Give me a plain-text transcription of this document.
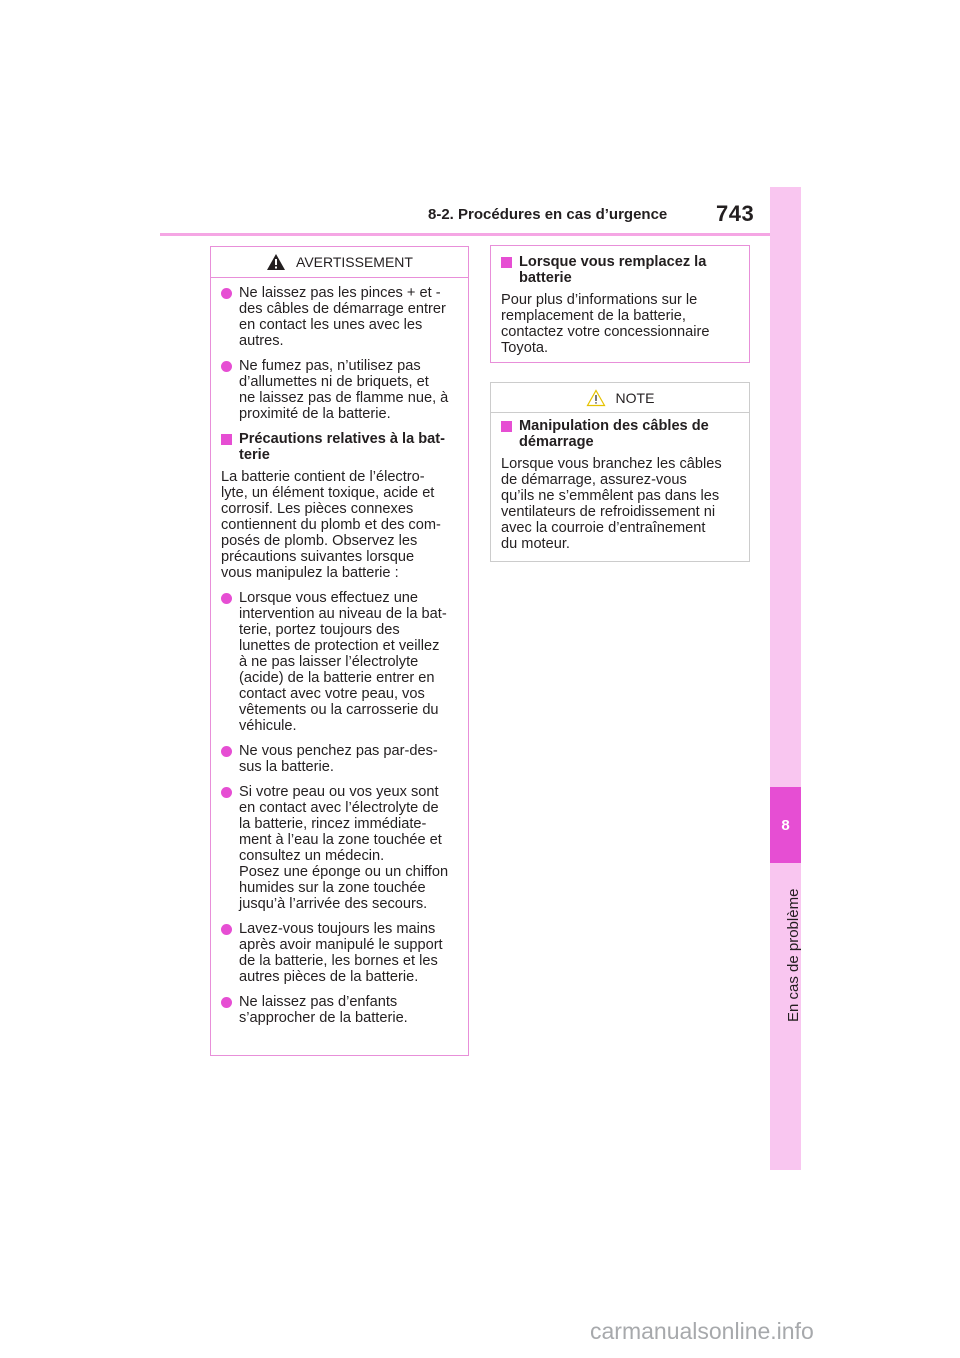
8-2. Procédures en cas d’urgence 743
8
En cas de problème
AVERTISSEMENT
Ne laissez pas les pinces + et -
des câbles de démarrage entrer
en contact les unes avec les
autres.
Ne fumez pas, n’utilisez pas
d’allumettes ni de briquets, et
ne laissez pas de flamme nue, à
proximité de la batterie.
Précautions relatives à la bat-
terie
La batterie contient de l’électro-
lyte, un élément toxique, acide et
corrosif. Les pièces connexes
contiennent du plomb et des com-
posés de plomb. Observez les
précautions suivantes lorsque
vous manipulez la batterie :
Lorsque vous effectuez une
intervention au niveau de la bat-
terie, portez toujours des
lunettes de protection et veillez
à ne pas laisser l’électrolyte
(acide) de la batterie entrer en
contact avec votre peau, vos
vêtements ou la carrosserie du
véhicule.
Ne vous penchez pas par-des-
sus la batterie.
Si votre peau ou vos yeux sont
en contact avec l’électrolyte de
la batterie, rincez immédiate-
ment à l’eau la zone touchée et
consultez un médecin.
Posez une éponge ou un chiffon
humides sur la zone touchée
jusqu’à l’arrivée des secours.
Lavez-vous toujours les mains
après avoir manipulé le support
de la batterie, les bornes et les
autres pièces de la batterie.
Ne laissez pas d’enfants
s’approcher de la batterie.
Lorsque vous remplacez la
batterie
Pour plus d’informations sur le
remplacement de la batterie,
contactez votre concessionnaire
Toyota.
NOTE
Manipulation des câbles de
démarrage
Lorsque vous branchez les câbles
de démarrage, assurez-vous
qu’ils ne s’emmêlent pas dans les
ventilateurs de refroidissement ni
avec la courroie d’entraînement
du moteur.
carmanualsonline.info
